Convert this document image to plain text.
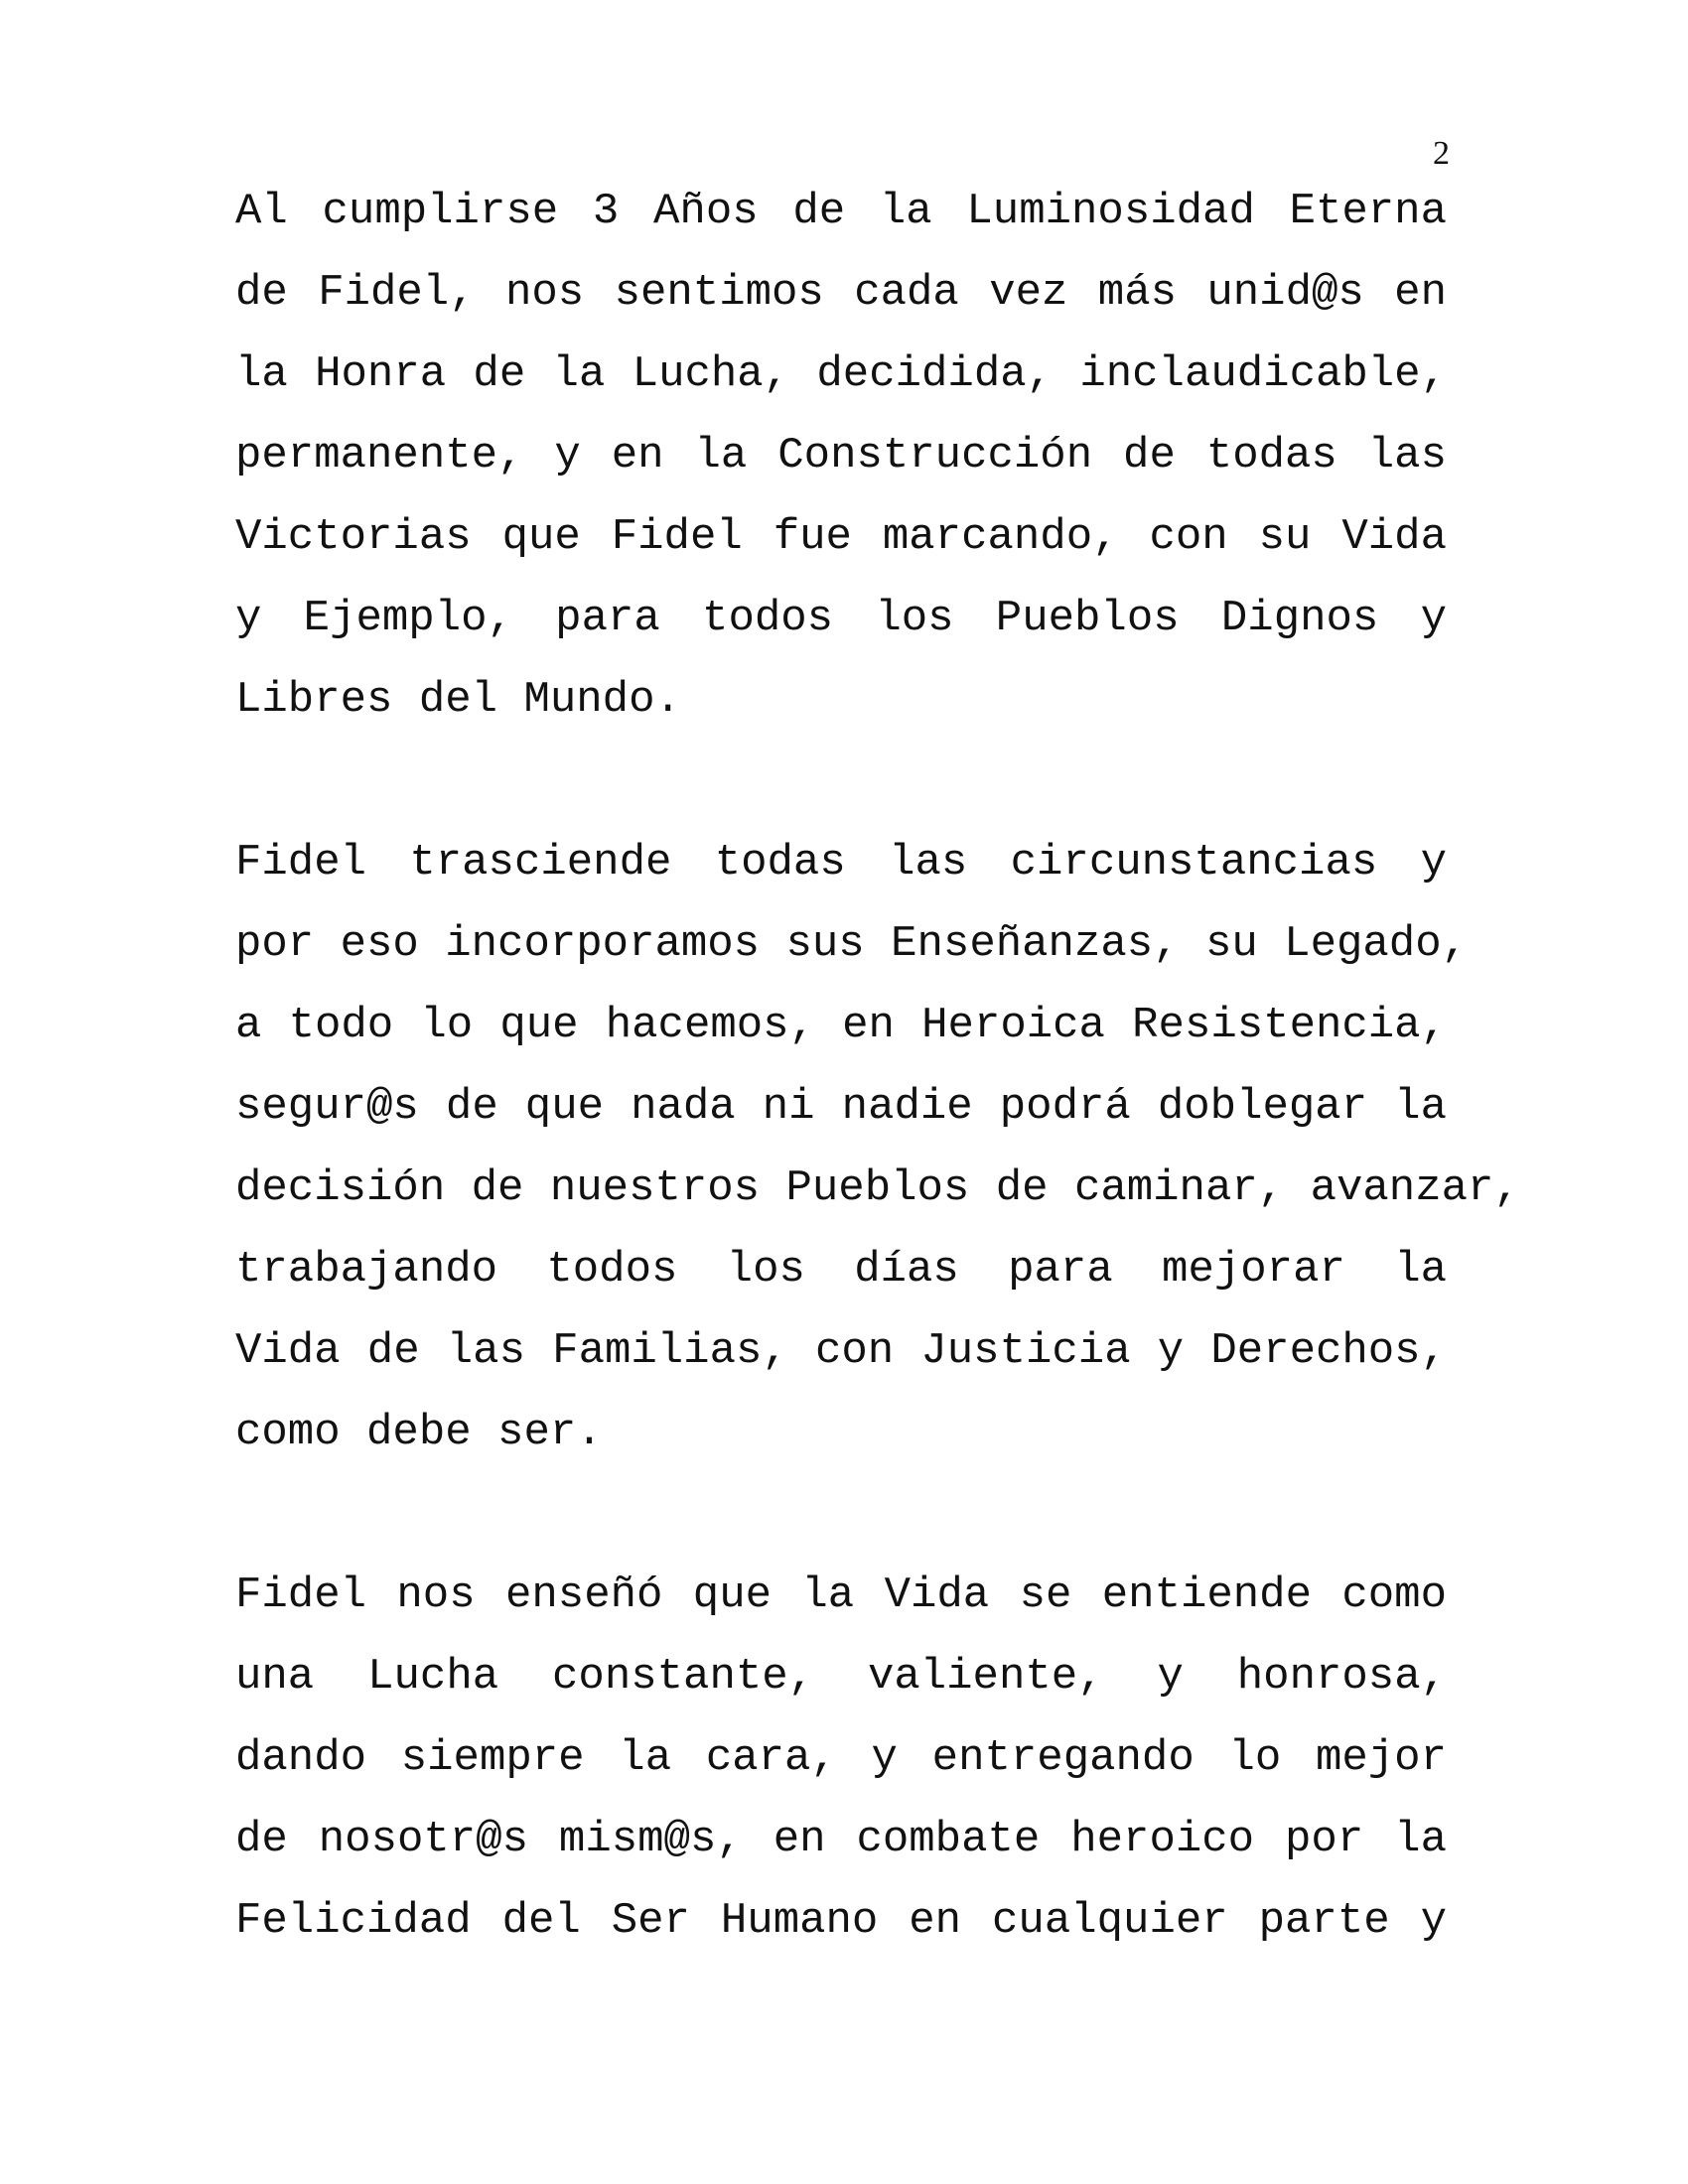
2
Al cumplirse 3 Años de la Luminosidad Eterna
de Fidel, nos sentimos cada vez más unid@s en
la Honra de la Lucha, decidida, inclaudicable,
permanente, y en la Construcción de todas las
Victorias que Fidel fue marcando, con su Vida
y Ejemplo, para todos los Pueblos Dignos y
Libres del Mundo.
Fidel trasciende todas las circunstancias y
por eso incorporamos sus Enseñanzas, su Legado,
a todo lo que hacemos, en Heroica Resistencia,
segur@s de que nada ni nadie podrá doblegar la
decisión de nuestros Pueblos de caminar, avanzar,
trabajando todos los días para mejorar la
Vida de las Familias, con Justicia y Derechos,
como debe ser.
Fidel nos enseñó que la Vida se entiende como
una Lucha constante, valiente, y honrosa,
dando siempre la cara, y entregando lo mejor
de nosotr@s mism@s, en combate heroico por la
Felicidad del Ser Humano en cualquier parte y
